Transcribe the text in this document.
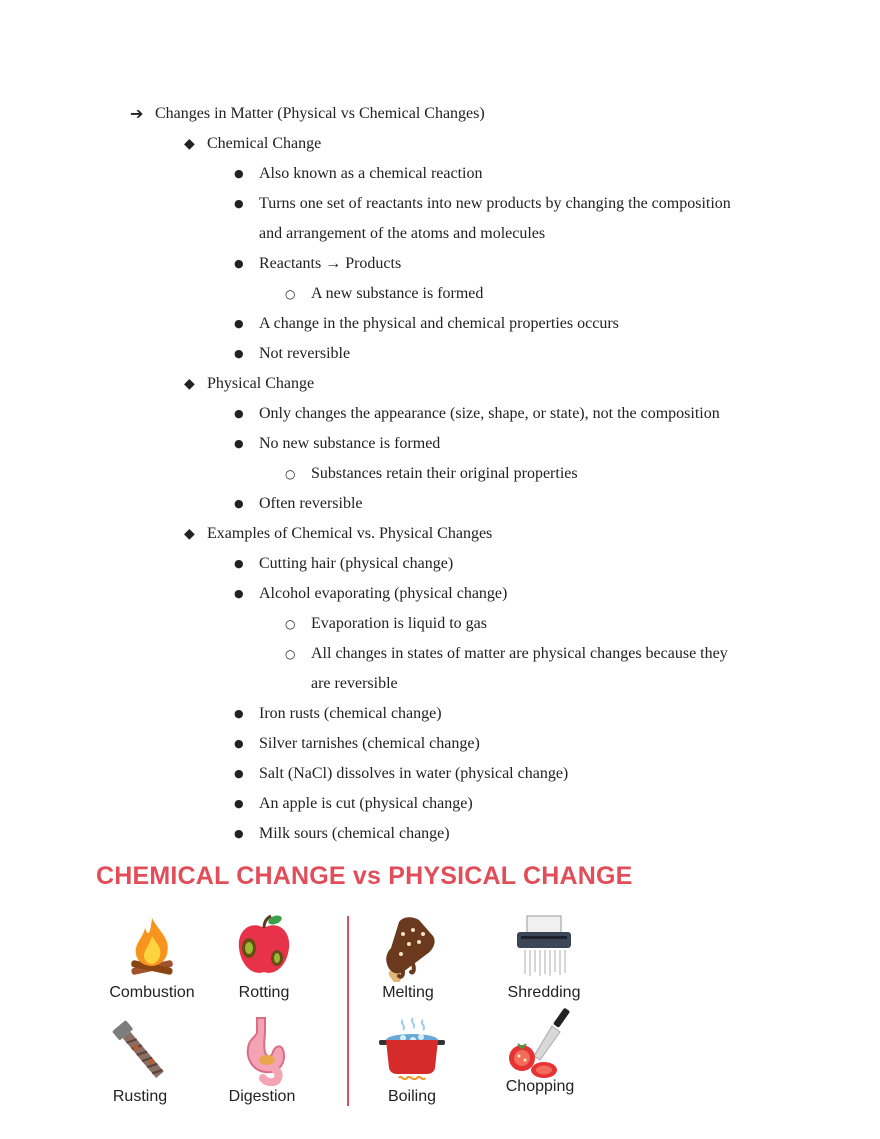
➔ Changes in Matter (Physical vs Chemical Changes)
◆ Chemical Change
● Also known as a chemical reaction
● Turns one set of reactants into new products by changing the composition
and arrangement of the atoms and molecules
● Reactants → Products
○ A new substance is formed
● A change in the physical and chemical properties occurs
● Not reversible
◆ Physical Change
● Only changes the appearance (size, shape, or state), not the composition
● No new substance is formed
○ Substances retain their original properties
● Often reversible
◆ Examples of Chemical vs. Physical Changes
● Cutting hair (physical change)
● Alcohol evaporating (physical change)
○ Evaporation is liquid to gas
○ All changes in states of matter are physical changes because they
are reversible
● Iron rusts (chemical change)
● Silver tarnishes (chemical change)
● Salt (NaCl) dissolves in water (physical change)
● An apple is cut (physical change)
● Milk sours (chemical change)
CHEMICAL CHANGE vs PHYSICAL CHANGE
Combustion	Rotting	Melting	Shredding
Rusting	Digestion	Boiling
Chopping
